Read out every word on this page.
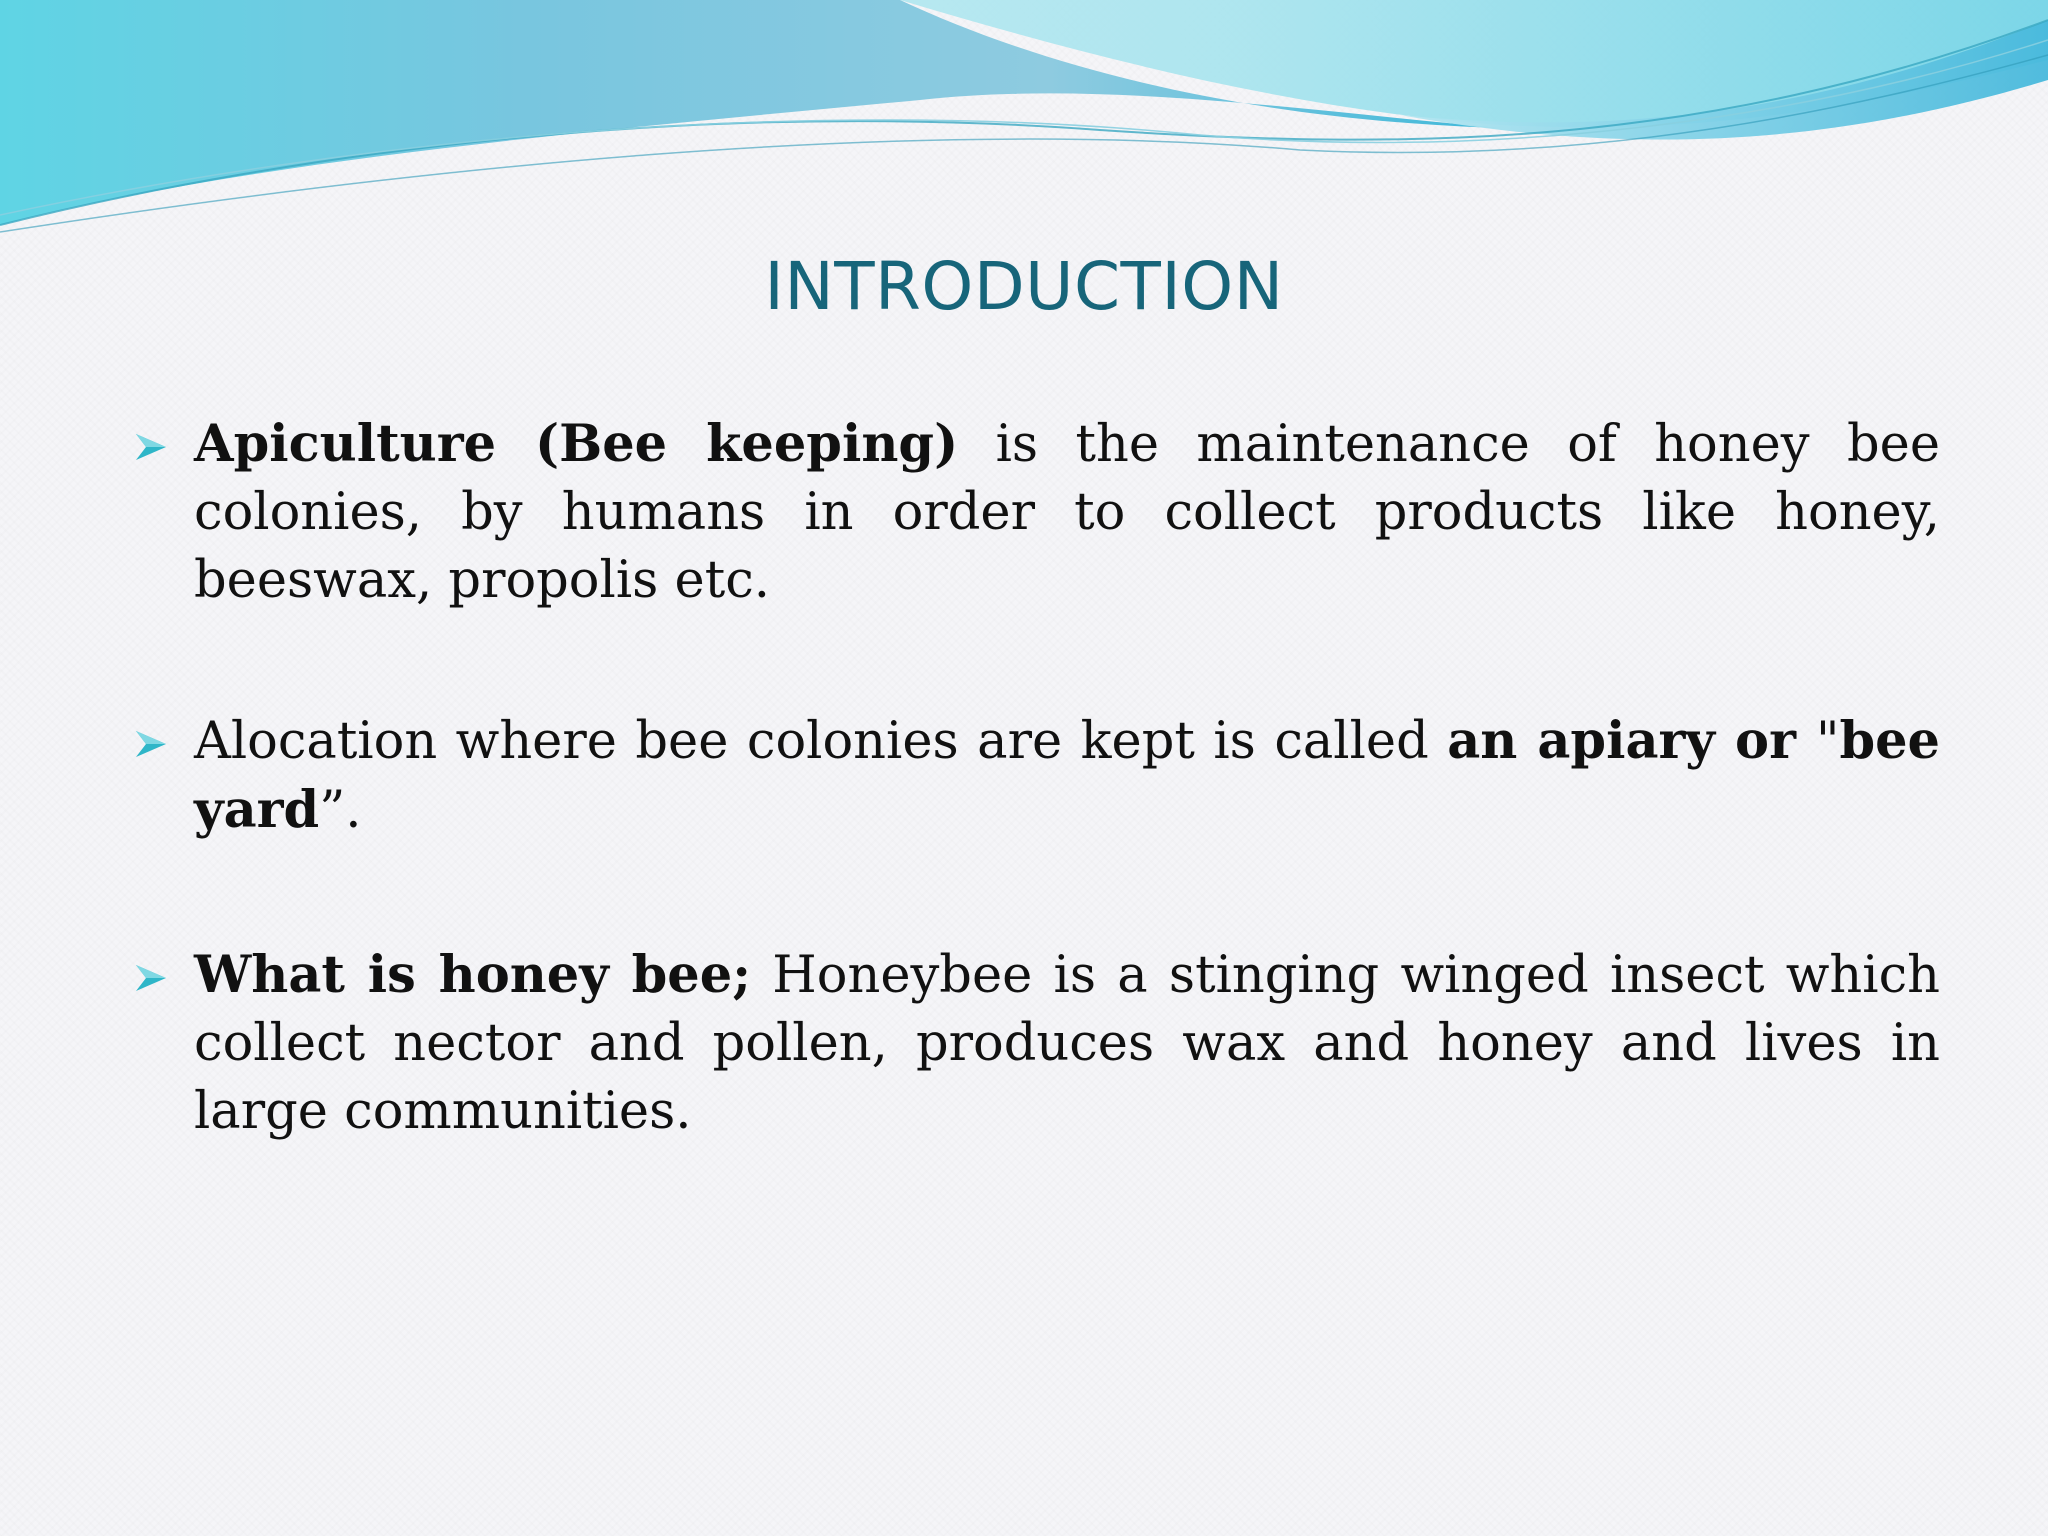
INTRODUCTION
Apiculture (Bee keeping) is the maintenance of honey bee colonies, by humans in order to collect products like honey, beeswax, propolis etc.
Alocation where bee colonies are kept is called an apiary or "bee yard”.
What is honey bee; Honeybee is a stinging winged insect which collect nector and pollen, produces wax and honey and lives in large communities.
